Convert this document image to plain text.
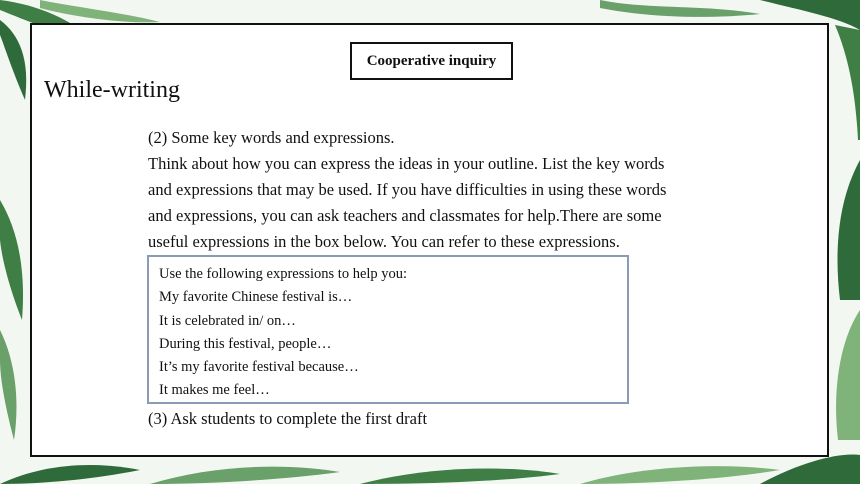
Cooperative inquiry
While-writing

(2) Some key words and expressions.

Think about how you can express the ideas in your outline. List the key words

and expressions that may be used. If you have difficulties in using these words

and expressions, you can ask teachers and classmates for help.There are some

useful expressions in the box below. You can refer to these expressions.

Use the following expressions to help you:
My favorite Chinese festival is…
It is celebrated in/ on…
During this festival, people…
It’s my favorite festival because…
It makes me feel…
(3) Ask students to complete the first draft
